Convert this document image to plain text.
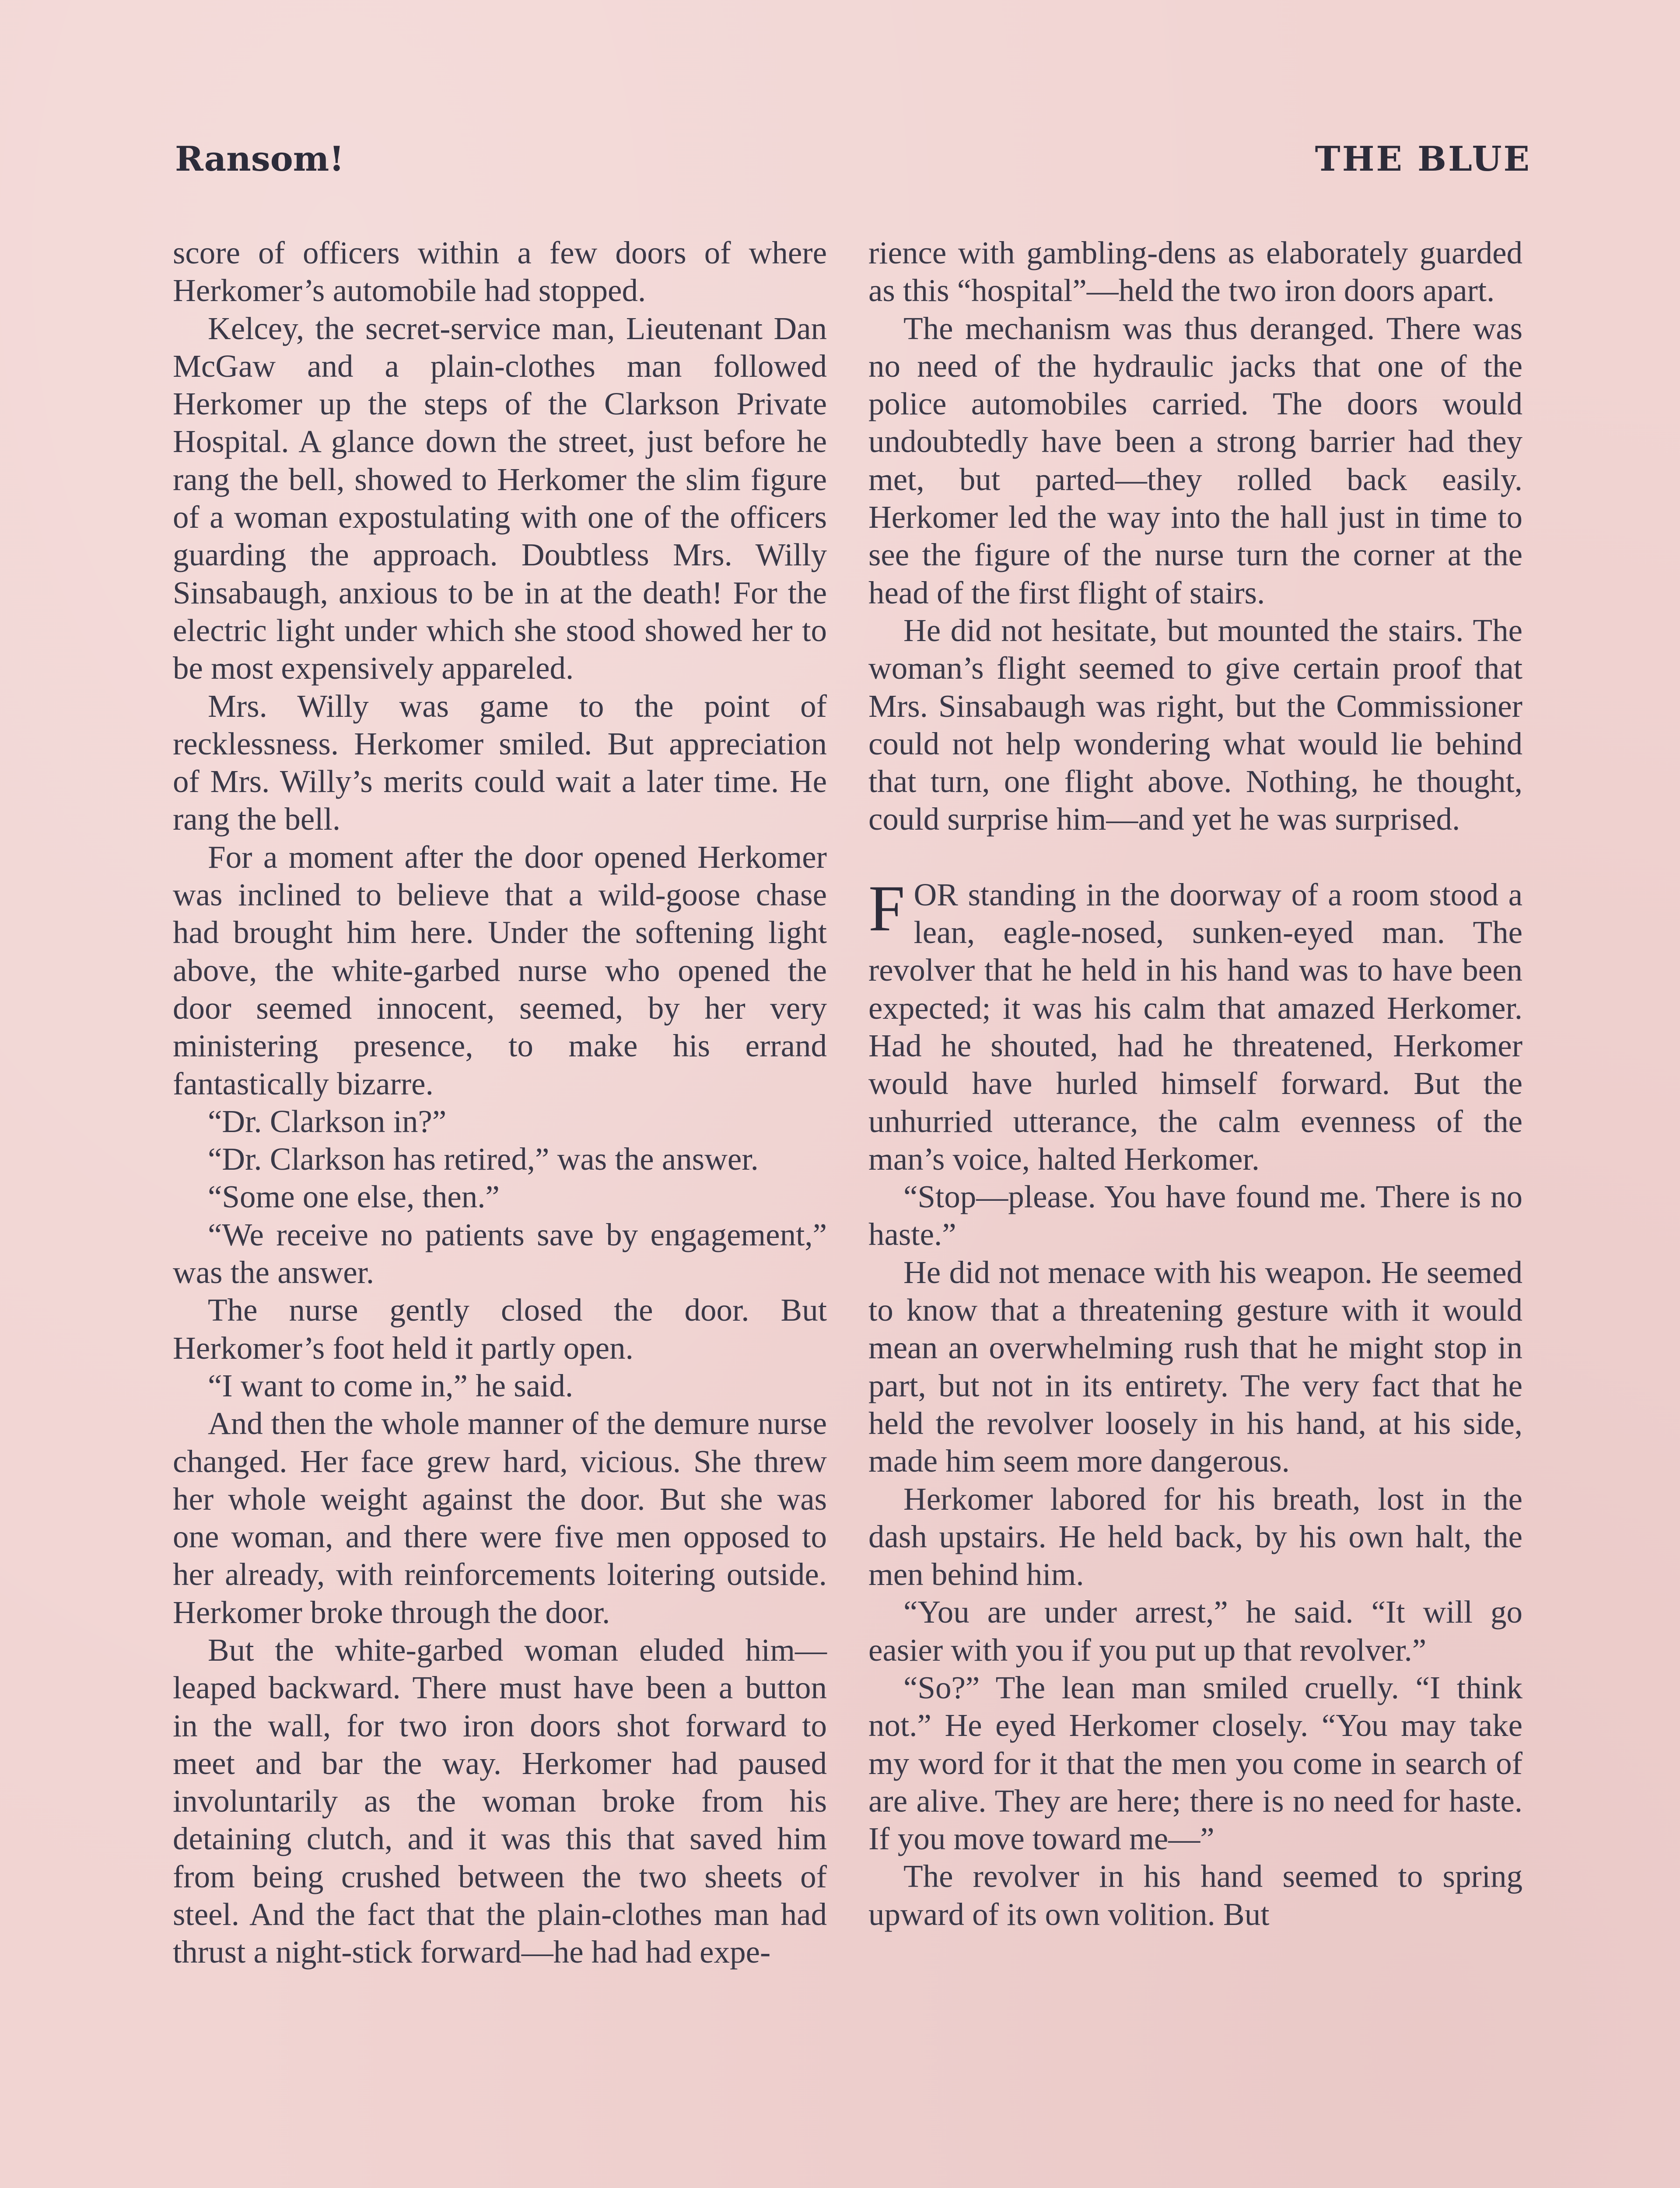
Ransom!	THE BLUE

score of officers within a few doors of where Herkomer’s automobile had stopped.

Kelcey, the secret-service man, Lieutenant Dan McGaw and a plain-clothes man followed Herkomer up the steps of the Clarkson Private Hospital. A glance down the street, just before he rang the bell, showed to Herkomer the slim figure of a woman expostulating with one of the officers guarding the approach. Doubtless Mrs. Willy Sinsabaugh, anxious to be in at the death! For the electric light under which she stood showed her to be most expensively appareled.

Mrs. Willy was game to the point of recklessness. Herkomer smiled. But appreciation of Mrs. Willy’s merits could wait a later time. He rang the bell.

For a moment after the door opened Herkomer was inclined to believe that a wild-goose chase had brought him here. Under the softening light above, the white-garbed nurse who opened the door seemed innocent, seemed, by her very ministering presence, to make his errand fantastically bizarre.

“Dr. Clarkson in?”

“Dr. Clarkson has retired,” was the answer.

“Some one else, then.”

“We receive no patients save by engagement,” was the answer.

The nurse gently closed the door. But Herkomer’s foot held it partly open.

“I want to come in,” he said.

And then the whole manner of the demure nurse changed. Her face grew hard, vicious. She threw her whole weight against the door. But she was one woman, and there were five men opposed to her already, with reinforcements loitering outside. Herkomer broke through the door.

But the white-garbed woman eluded him—leaped backward. There must have been a button in the wall, for two iron doors shot forward to meet and bar the way. Herkomer had paused involuntarily as the woman broke from his detaining clutch, and it was this that saved him from being crushed between the two sheets of steel. And the fact that the plain-clothes man had thrust a night-stick forward—he had had expe-

rience with gambling-dens as elaborately guarded as this “hospital”—held the two iron doors apart.

The mechanism was thus deranged. There was no need of the hydraulic jacks that one of the police automobiles carried. The doors would undoubtedly have been a strong barrier had they met, but parted—they rolled back easily. Herkomer led the way into the hall just in time to see the figure of the nurse turn the corner at the head of the first flight of stairs.

He did not hesitate, but mounted the stairs. The woman’s flight seemed to give certain proof that Mrs. Sinsabaugh was right, but the Commissioner could not help wondering what would lie behind that turn, one flight above. Nothing, he thought, could surprise him—and yet he was surprised.

FOR standing in the doorway of a room stood a lean, eagle-nosed, sunken-eyed man. The revolver that he held in his hand was to have been expected; it was his calm that amazed Herkomer. Had he shouted, had he threatened, Herkomer would have hurled himself forward. But the unhurried utterance, the calm evenness of the man’s voice, halted Herkomer.

“Stop—please. You have found me. There is no haste.”

He did not menace with his weapon. He seemed to know that a threatening gesture with it would mean an overwhelming rush that he might stop in part, but not in its entirety. The very fact that he held the revolver loosely in his hand, at his side, made him seem more dangerous.

Herkomer labored for his breath, lost in the dash upstairs. He held back, by his own halt, the men behind him.

“You are under arrest,” he said. “It will go easier with you if you put up that revolver.”

“So?” The lean man smiled cruelly. “I think not.” He eyed Herkomer closely. “You may take my word for it that the men you come in search of are alive. They are here; there is no need for haste. If you move toward me—”

The revolver in his hand seemed to spring upward of its own volition. But
